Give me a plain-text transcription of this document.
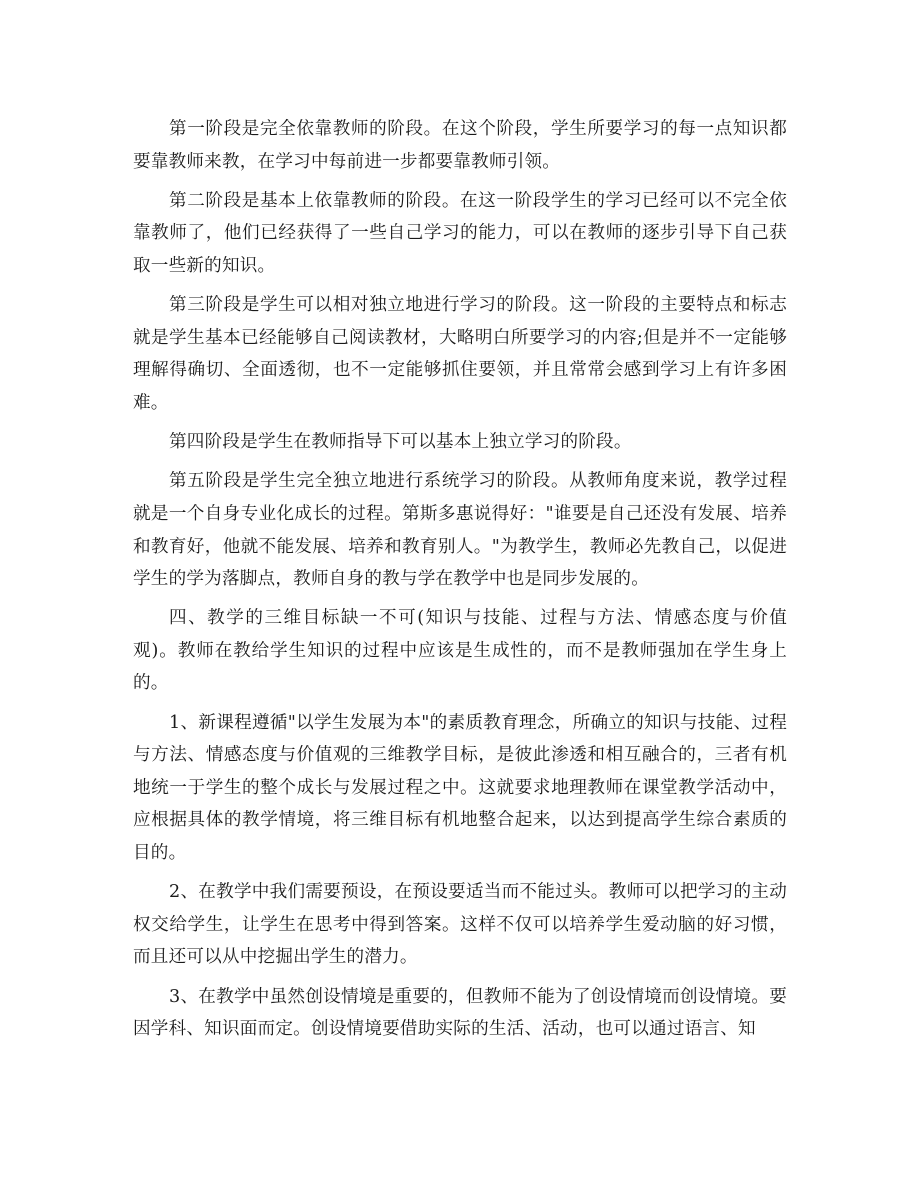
第一阶段是完全依靠教师的阶段。在这个阶段，学生所要学习的每一点知识都要靠教师来教，在学习中每前进一步都要靠教师引领。

第二阶段是基本上依靠教师的阶段。在这一阶段学生的学习已经可以不完全依靠教师了，他们已经获得了一些自己学习的能力，可以在教师的逐步引导下自己获取一些新的知识。

第三阶段是学生可以相对独立地进行学习的阶段。这一阶段的主要特点和标志就是学生基本已经能够自己阅读教材，大略明白所要学习的内容;但是并不一定能够理解得确切、全面透彻，也不一定能够抓住要领，并且常常会感到学习上有许多困难。

第四阶段是学生在教师指导下可以基本上独立学习的阶段。

第五阶段是学生完全独立地进行系统学习的阶段。从教师角度来说，教学过程就是一个自身专业化成长的过程。第斯多惠说得好："谁要是自己还没有发展、培养和教育好，他就不能发展、培养和教育别人。"为教学生，教师必先教自己，以促进学生的学为落脚点，教师自身的教与学在教学中也是同步发展的。

四、教学的三维目标缺一不可(知识与技能、过程与方法、情感态度与价值观)。教师在教给学生知识的过程中应该是生成性的，而不是教师强加在学生身上的。

1、新课程遵循"以学生发展为本"的素质教育理念，所确立的知识与技能、过程与方法、情感态度与价值观的三维教学目标，是彼此渗透和相互融合的，三者有机地统一于学生的整个成长与发展过程之中。这就要求地理教师在课堂教学活动中，应根据具体的教学情境，将三维目标有机地整合起来，以达到提高学生综合素质的目的。

2、在教学中我们需要预设，在预设要适当而不能过头。教师可以把学习的主动权交给学生，让学生在思考中得到答案。这样不仅可以培养学生爱动脑的好习惯，而且还可以从中挖掘出学生的潜力。

3、在教学中虽然创设情境是重要的，但教师不能为了创设情境而创设情境。要因学科、知识面而定。创设情境要借助实际的生活、活动，也可以通过语言、知
